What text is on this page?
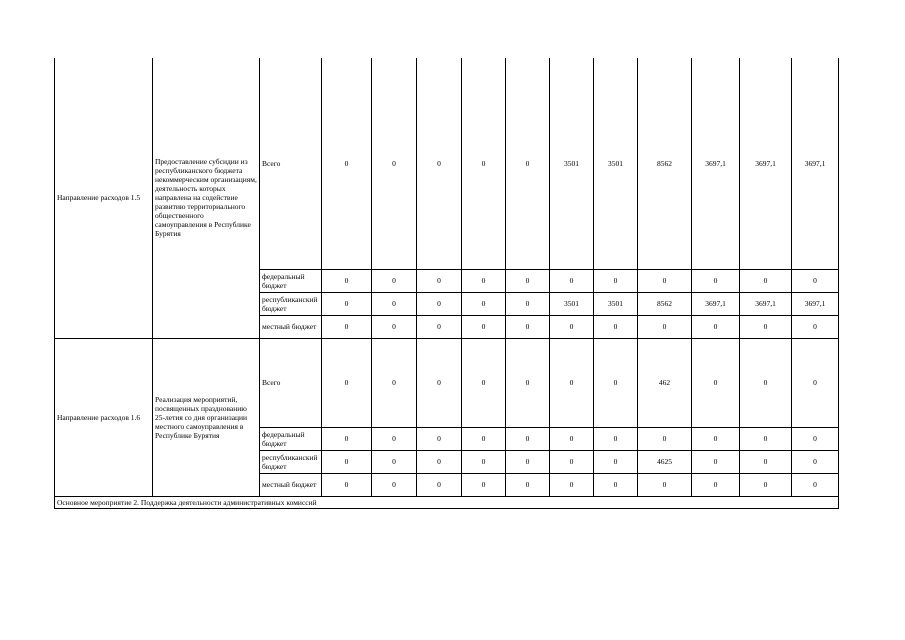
Направление расходов 1.5	Предоставление субсидии из республиканского бюджета некоммерческим организациям, деятельность которых направлена на содействие развитию территориального общественного самоуправления в Республике Бурятия	Всего	0	0	0	0	0	3501	3501	8562	3697,1	3697,1	3697,1
		федеральный бюджет	0	0	0	0	0	0	0	0	0	0	0
		республиканский бюджет	0	0	0	0	0	3501	3501	8562	3697,1	3697,1	3697,1
		местный бюджет	0	0	0	0	0	0	0	0	0	0	0
Направление расходов 1.6	Реализация мероприятий, посвященных празднованию 25-летия со дня организации местного самоуправления в Республике Бурятия	Всего	0	0	0	0	0	0	0	462	0	0	0
		федеральный бюджет	0	0	0	0	0	0	0	0	0	0	0
		республиканский бюджет	0	0	0	0	0	0	0	4625	0	0	0
		местный бюджет	0	0	0	0	0	0	0	0	0	0	0
Основное мероприятие 2. Поддержка деятельности административных комиссий													
